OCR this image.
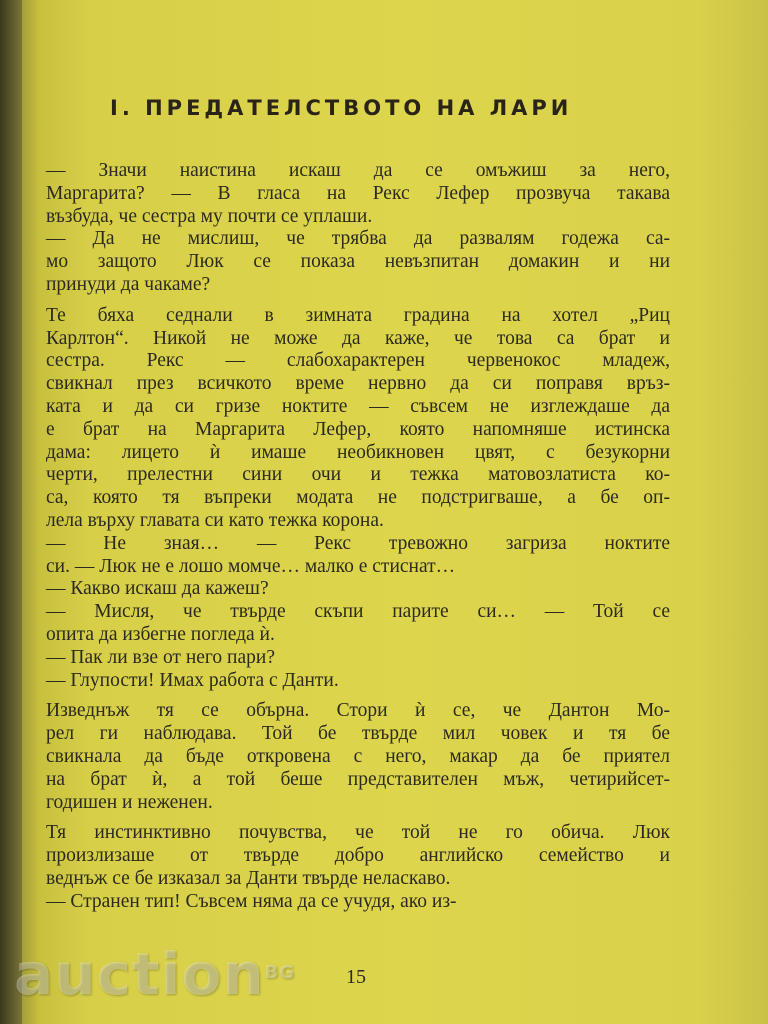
I. ПРЕДАТЕЛСТВОТО НА ЛАРИ
— Значи наистина искаш да се омъжиш за него,
Маргарита? — В гласа на Рекс Лефер прозвуча такава
възбуда, че сестра му почти се уплаши.
— Да не мислиш, че трябва да развалям годежа са-
мо защото Люк се показа невъзпитан домакин и ни
принуди да чакаме?
Те бяха седнали в зимната градина на хотел „Риц
Карлтон“. Никой не може да каже, че това са брат и
сестра. Рекс — слабохарактерен червенокос младеж,
свикнал през всичкото време нервно да си поправя връз-
ката и да си гризе ноктите — съвсем не изглеждаше да
е брат на Маргарита Лефер, която напомняше истинска
дама: лицето ѝ имаше необикновен цвят, с безукорни
черти, прелестни сини очи и тежка матовозлатиста ко-
са, която тя въпреки модата не подстригваше, а бе оп-
лела върху главата си като тежка корона.
— Не зная… — Рекс тревожно загриза ноктите
си. — Люк не е лошо момче… малко е стиснат…
— Какво искаш да кажеш?
— Мисля, че твърде скъпи парите си… — Той се
опита да избегне погледа ѝ.
— Пак ли взе от него пари?
— Глупости! Имах работа с Данти.
Изведнъж тя се обърна. Стори ѝ се, че Дантон Мо-
рел ги наблюдава. Той бе твърде мил човек и тя бе
свикнала да бъде откровена с него, макар да бе приятел
на брат ѝ, а той беше представителен мъж, четирийсет-
годишен и неженен.
Тя инстинктивно почувства, че той не го обича. Люк
произлизаше от твърде добро английско семейство и
веднъж се бе изказал за Данти твърде неласкаво.
— Странен тип! Съвсем няма да се учудя, ако из-
15
auction$^{BG}$
